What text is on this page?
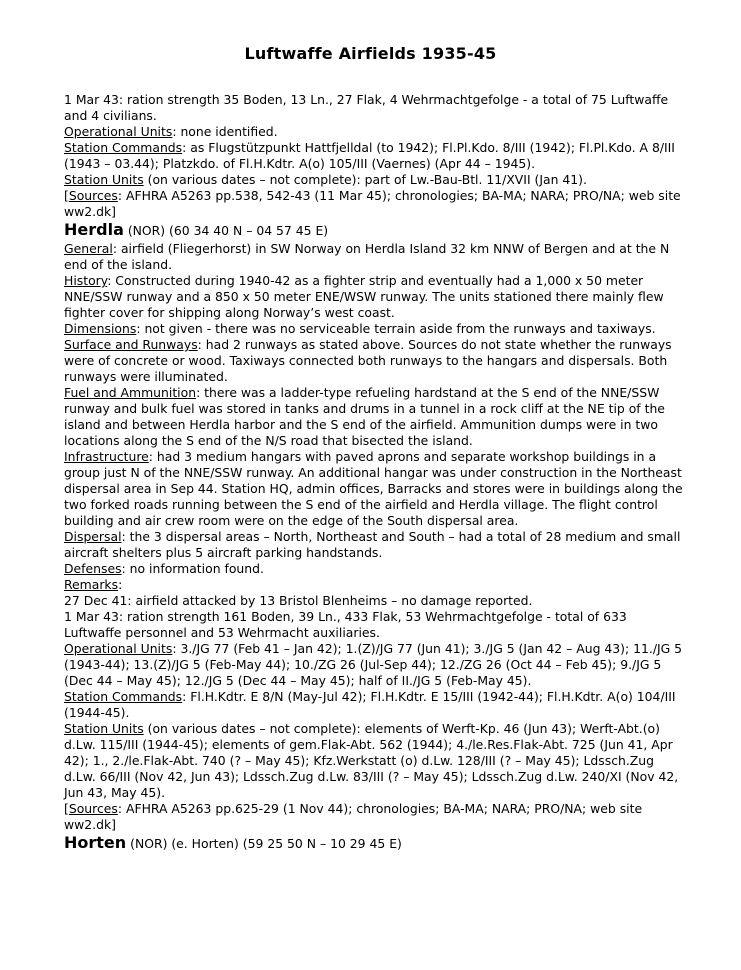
Luftwaffe Airfields 1935-45

1 Mar 43: ration strength 35 Boden, 13 Ln., 27 Flak, 4 Wehrmachtgefolge - a total of 75 Luftwaffe and 4 civilians.

Operational Units: none identified.

Station Commands: as Flugstützpunkt Hattfjelldal (to 1942); Fl.Pl.Kdo. 8/III (1942); Fl.Pl.Kdo. A 8/III (1943 – 03.44); Platzkdo. of Fl.H.Kdtr. A(o) 105/III (Vaernes) (Apr 44 – 1945).

Station Units (on various dates – not complete): part of Lw.-Bau-Btl. 11/XVII (Jan 41).

[Sources: AFHRA A5263 pp.538, 542-43 (11 Mar 45); chronologies; BA-MA; NARA; PRO/NA; web site ww2.dk]

Herdla (NOR) (60 34 40 N – 04 57 45 E)

General: airfield (Fliegerhorst) in SW Norway on Herdla Island 32 km NNW of Bergen and at the N end of the island.

History: Constructed during 1940-42 as a fighter strip and eventually had a 1,000 x 50 meter NNE/SSW runway and a 850 x 50 meter ENE/WSW runway. The units stationed there mainly flew fighter cover for shipping along Norway’s west coast.

Dimensions: not given - there was no serviceable terrain aside from the runways and taxiways.

Surface and Runways: had 2 runways as stated above. Sources do not state whether the runways were of concrete or wood. Taxiways connected both runways to the hangars and dispersals. Both runways were illuminated.

Fuel and Ammunition: there was a ladder-type refueling hardstand at the S end of the NNE/SSW runway and bulk fuel was stored in tanks and drums in a tunnel in a rock cliff at the NE tip of the island and between Herdla harbor and the S end of the airfield. Ammunition dumps were in two locations along the S end of the N/S road that bisected the island.

Infrastructure: had 3 medium hangars with paved aprons and separate workshop buildings in a group just N of the NNE/SSW runway. An additional hangar was under construction in the Northeast dispersal area in Sep 44. Station HQ, admin offices, Barracks and stores were in buildings along the two forked roads running between the S end of the airfield and Herdla village. The flight control building and air crew room were on the edge of the South dispersal area.

Dispersal: the 3 dispersal areas – North, Northeast and South – had a total of 28 medium and small aircraft shelters plus 5 aircraft parking handstands.

Defenses: no information found.

Remarks:

27 Dec 41: airfield attacked by 13 Bristol Blenheims – no damage reported.

1 Mar 43: ration strength 161 Boden, 39 Ln., 433 Flak, 53 Wehrmachtgefolge - total of 633 Luftwaffe personnel and 53 Wehrmacht auxiliaries.

Operational Units: 3./JG 77 (Feb 41 – Jan 42); 1.(Z)/JG 77 (Jun 41); 3./JG 5 (Jan 42 – Aug 43); 11./JG 5 (1943-44); 13.(Z)/JG 5 (Feb-May 44); 10./ZG 26 (Jul-Sep 44); 12./ZG 26 (Oct 44 – Feb 45); 9./JG 5 (Dec 44 – May 45); 12./JG 5 (Dec 44 – May 45); half of II./JG 5 (Feb-May 45).

Station Commands: Fl.H.Kdtr. E 8/N (May-Jul 42); Fl.H.Kdtr. E 15/III (1942-44); Fl.H.Kdtr. A(o) 104/III (1944-45).

Station Units (on various dates – not complete): elements of Werft-Kp. 46 (Jun 43); Werft-Abt.(o) d.Lw. 115/III (1944-45); elements of gem.Flak-Abt. 562 (1944); 4./le.Res.Flak-Abt. 725 (Jun 41, Apr 42); 1., 2./le.Flak-Abt. 740 (? – May 45); Kfz.Werkstatt (o) d.Lw. 128/III (? – May 45); Ldssch.Zug d.Lw. 66/III (Nov 42, Jun 43); Ldssch.Zug d.Lw. 83/III (? – May 45); Ldssch.Zug d.Lw. 240/XI (Nov 42, Jun 43, May 45).

[Sources: AFHRA A5263 pp.625-29 (1 Nov 44); chronologies; BA-MA; NARA; PRO/NA; web site ww2.dk]

Horten (NOR) (e. Horten) (59 25 50 N – 10 29 45 E)
